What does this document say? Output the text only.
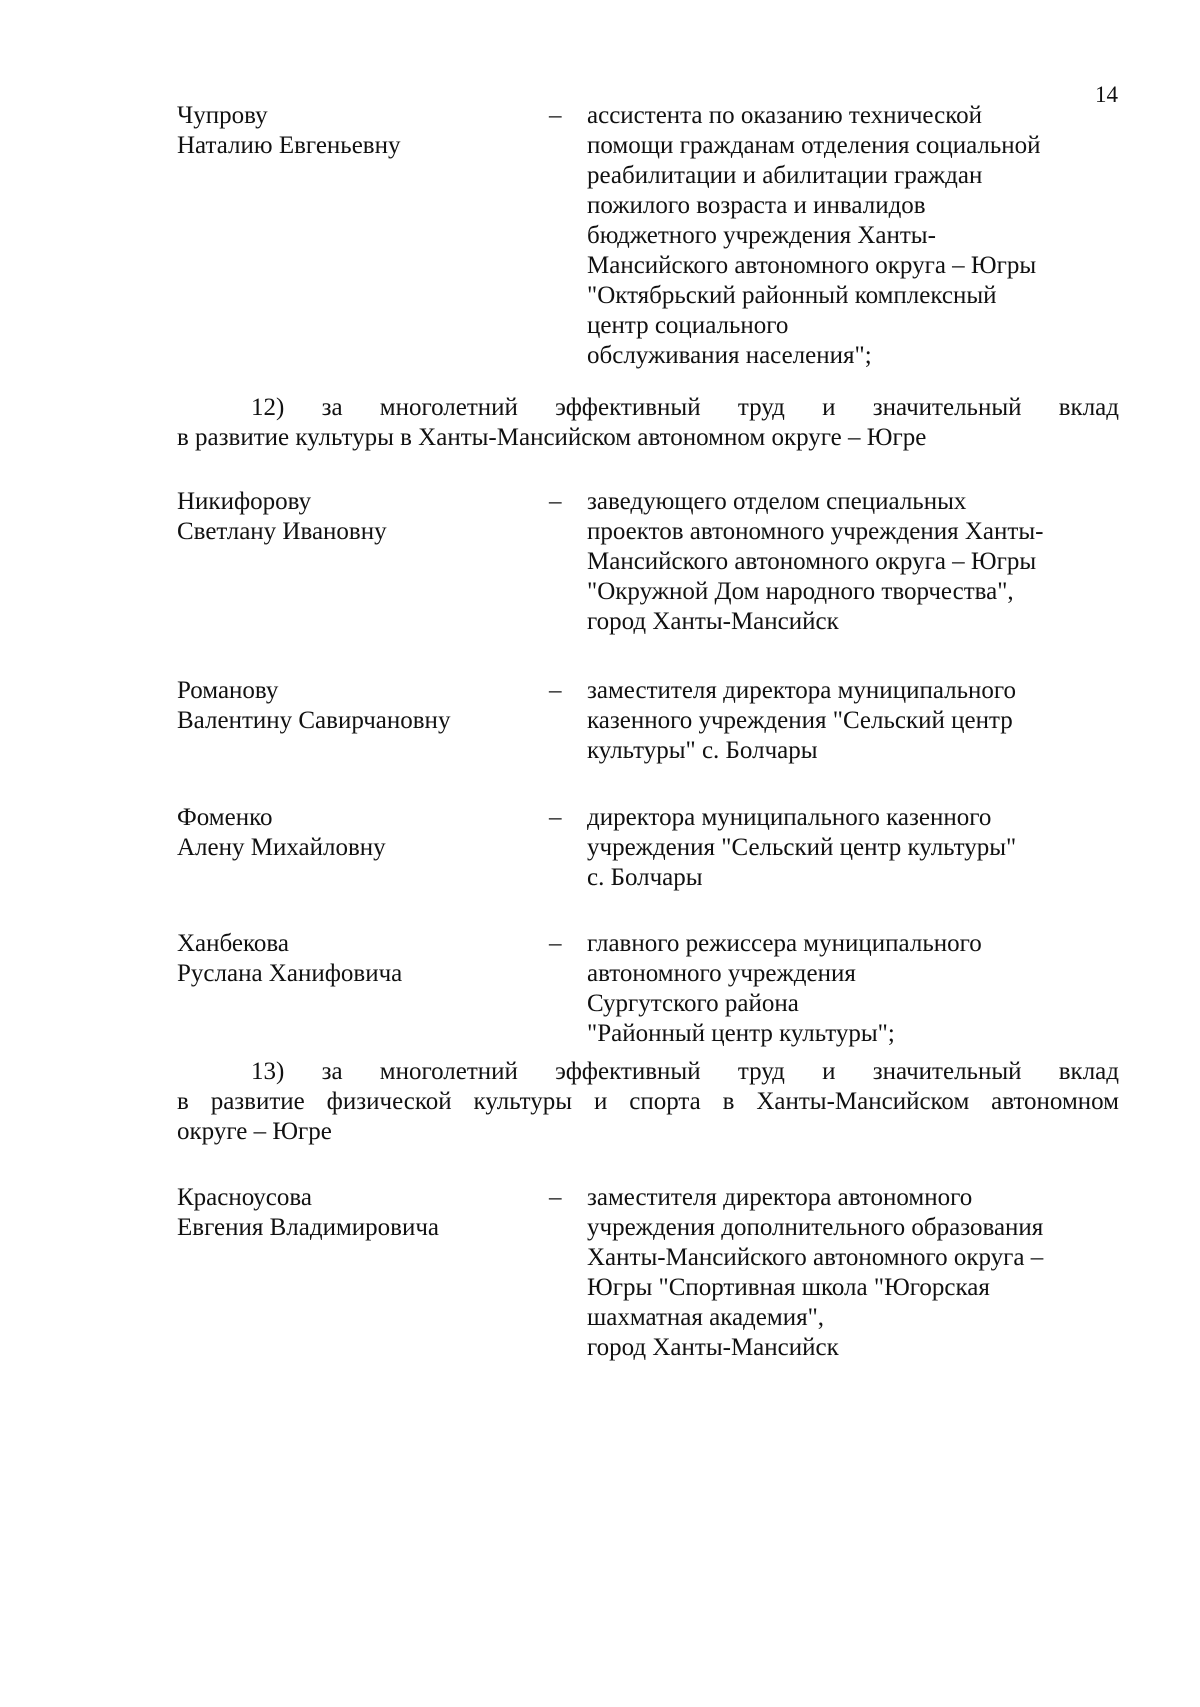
14
Чупрову
Наталию Евгеньевну
– ассистента по оказанию технической
помощи гражданам отделения социальной
реабилитации и абилитации граждан
пожилого возраста и инвалидов
бюджетного учреждения Ханты-
Мансийского автономного округа – Югры
"Октябрьский районный комплексный
центр социального
обслуживания населения";
12) за многолетний эффективный труд и значительный вклад
в развитие культуры в Ханты-Мансийском автономном округе – Югре
Никифорову
Светлану Ивановну
– заведующего отделом специальных
проектов автономного учреждения Ханты-
Мансийского автономного округа – Югры
"Окружной Дом народного творчества",
город Ханты-Мансийск
Романову
Валентину Савирчановну
– заместителя директора муниципального
казенного учреждения "Сельский центр
культуры" с. Болчары
Фоменко
Алену Михайловну
– директора муниципального казенного
учреждения "Сельский центр культуры"
с. Болчары
Ханбекова
Руслана Ханифовича
– главного режиссера муниципального
автономного учреждения
Сургутского района
"Районный центр культуры";
13) за многолетний эффективный труд и значительный вклад
в развитие физической культуры и спорта в Ханты-Мансийском автономном
округе – Югре
Красноусова
Евгения Владимировича
– заместителя директора автономного
учреждения дополнительного образования
Ханты-Мансийского автономного округа –
Югры "Спортивная школа "Югорская
шахматная академия",
город Ханты-Мансийск
